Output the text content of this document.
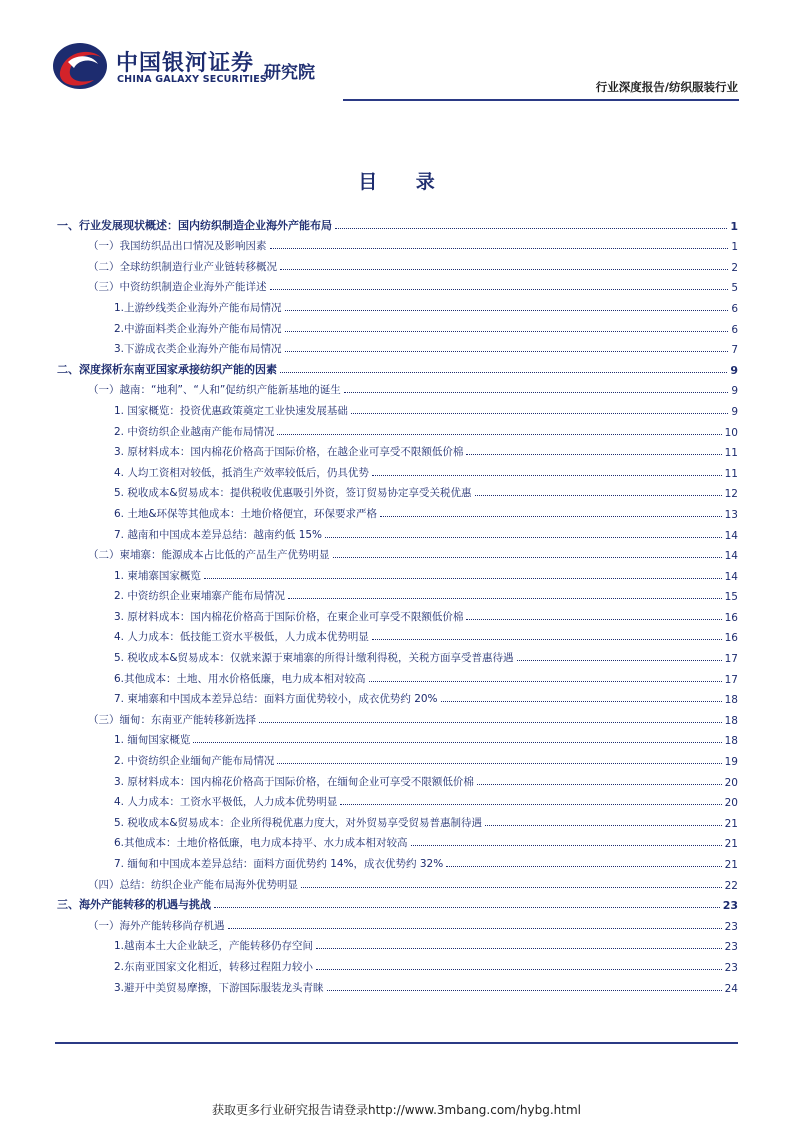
中国银河证券
CHINA GALAXY SECURITIES
研究院
行业深度报告/纺织服装行业
目 录
一、行业发展现状概述：国内纺织制造企业海外产能布局	1
（一）我国纺织品出口情况及影响因素	1
（二）全球纺织制造行业产业链转移概况	2
（三）中资纺织制造企业海外产能详述	5
1.上游纱线类企业海外产能布局情况	6
2.中游面料类企业海外产能布局情况	6
3.下游成衣类企业海外产能布局情况	7
二、深度探析东南亚国家承接纺织产能的因素	9
（一）越南：“地利”、“人和”促纺织产能新基地的诞生	9
1. 国家概览：投资优惠政策奠定工业快速发展基础	9
2. 中资纺织企业越南产能布局情况	10
3. 原材料成本：国内棉花价格高于国际价格，在越企业可享受不限额低价棉	11
4. 人均工资相对较低，抵消生产效率较低后，仍具优势	11
5. 税收成本&贸易成本：提供税收优惠吸引外资，签订贸易协定享受关税优惠	12
6. 土地&环保等其他成本：土地价格便宜，环保要求严格	13
7. 越南和中国成本差异总结：越南约低 15%	14
（二）柬埔寨：能源成本占比低的产品生产优势明显	14
1. 柬埔寨国家概览	14
2. 中资纺织企业柬埔寨产能布局情况	15
3. 原材料成本：国内棉花价格高于国际价格，在柬企业可享受不限额低价棉	16
4. 人力成本：低技能工资水平极低，人力成本优势明显	16
5. 税收成本&贸易成本：仅就来源于柬埔寨的所得计缴利得税，关税方面享受普惠待遇	17
6.其他成本：土地、用水价格低廉，电力成本相对较高	17
7. 柬埔寨和中国成本差异总结：面料方面优势较小，成衣优势约 20%	18
（三）缅甸：东南亚产能转移新选择	18
1. 缅甸国家概览	18
2. 中资纺织企业缅甸产能布局情况	19
3. 原材料成本：国内棉花价格高于国际价格，在缅甸企业可享受不限额低价棉	20
4. 人力成本：工资水平极低，人力成本优势明显	20
5. 税收成本&贸易成本：企业所得税优惠力度大，对外贸易享受贸易普惠制待遇	21
6.其他成本：土地价格低廉，电力成本持平、水力成本相对较高	21
7. 缅甸和中国成本差异总结：面料方面优势约 14%，成衣优势约 32%	21
（四）总结：纺织企业产能布局海外优势明显	22
三、海外产能转移的机遇与挑战	23
（一）海外产能转移尚存机遇	23
1.越南本土大企业缺乏，产能转移仍存空间	23
2.东南亚国家文化相近，转移过程阻力较小	23
3.避开中美贸易摩擦，下游国际服装龙头青睐	24
获取更多行业研究报告请登录http://www.3mbang.com/hybg.html
